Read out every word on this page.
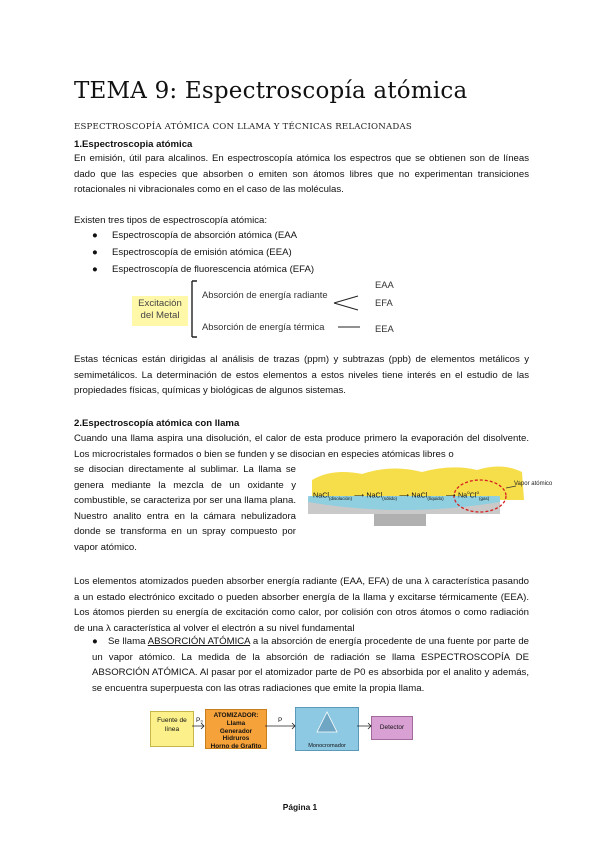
TEMA 9: Espectroscopía atómica
ESPECTROSCOPÍA ATÓMICA CON LLAMA Y TÉCNICAS RELACIONADAS
1.Espectroscopia atómica
En emisión, útil para alcalinos. En espectroscopía atómica los espectros que se obtienen son de líneas dado que las especies que absorben o emiten son átomos libres que no experimentan transiciones rotacionales ni vibracionales como en el caso de las moléculas.
Existen tres tipos de espectroscopía atómica:
● Espectroscopía de absorción atómica (EAA
● Espectroscopía de emisión atómica (EEA)
● Espectroscopía de fluorescencia atómica (EFA)
Excitación
del Metal
Absorción de energía radiante
Absorción de energía térmica
EAA
EFA
EEA
Estas técnicas están dirigidas al análisis de trazas (ppm) y subtrazas (ppb) de elementos metálicos y semimetálicos. La determinación de estos elementos a estos niveles tiene interés en el estudio de las propiedades físicas, químicas y biológicas de algunos sistemas.
2.Espectroscopía atómica con llama
Cuando una llama aspira una disolución, el calor de esta produce primero la evaporación del disolvente. Los microcristales formados o bien se funden y se disocian en especies atómicas libres o
se disocian directamente al sublimar. La llama se genera mediante la mezcla de un oxidante y combustible, se caracteriza por ser una llama plana. Nuestro analito entra en la cámara nebulizadora donde se transforma en un spray compuesto por vapor atómico.
NaCl$_{(disolución)}$ ⟶ NaCl$_{(sólido)}$ ⟶ NaCl$_{(líquido)}$ ⟶ $Na^oCl^o_{(gas)}$
Vapor atómico
Los elementos atomizados pueden absorber energía radiante (EAA, EFA) de una λ característica pasando a un estado electrónico excitado o pueden absorber energía de la llama y excitarse térmicamente (EEA). Los átomos pierden su energía de excitación como calor, por colisión con otros átomos o como radiación de una λ característica al volver el electrón a su nivel fundamental
● Se llama ABSORCIÓN ATÓMICA a la absorción de energía procedente de una fuente por parte de un vapor atómico. La medida de la absorción de radiación se llama ESPECTROSCOPÍA DE ABSORCIÓN ATÓMICA. Al pasar por el atomizador parte de P0 es absorbida por el analito y además, se encuentra superpuesta con las otras radiaciones que emite la propia llama.
Fuente de línea
P₀
ATOMIZADOR:
Llama
Generador Hidruros
Horno de Grafito
P
Monocromador
Detector
Página 1
